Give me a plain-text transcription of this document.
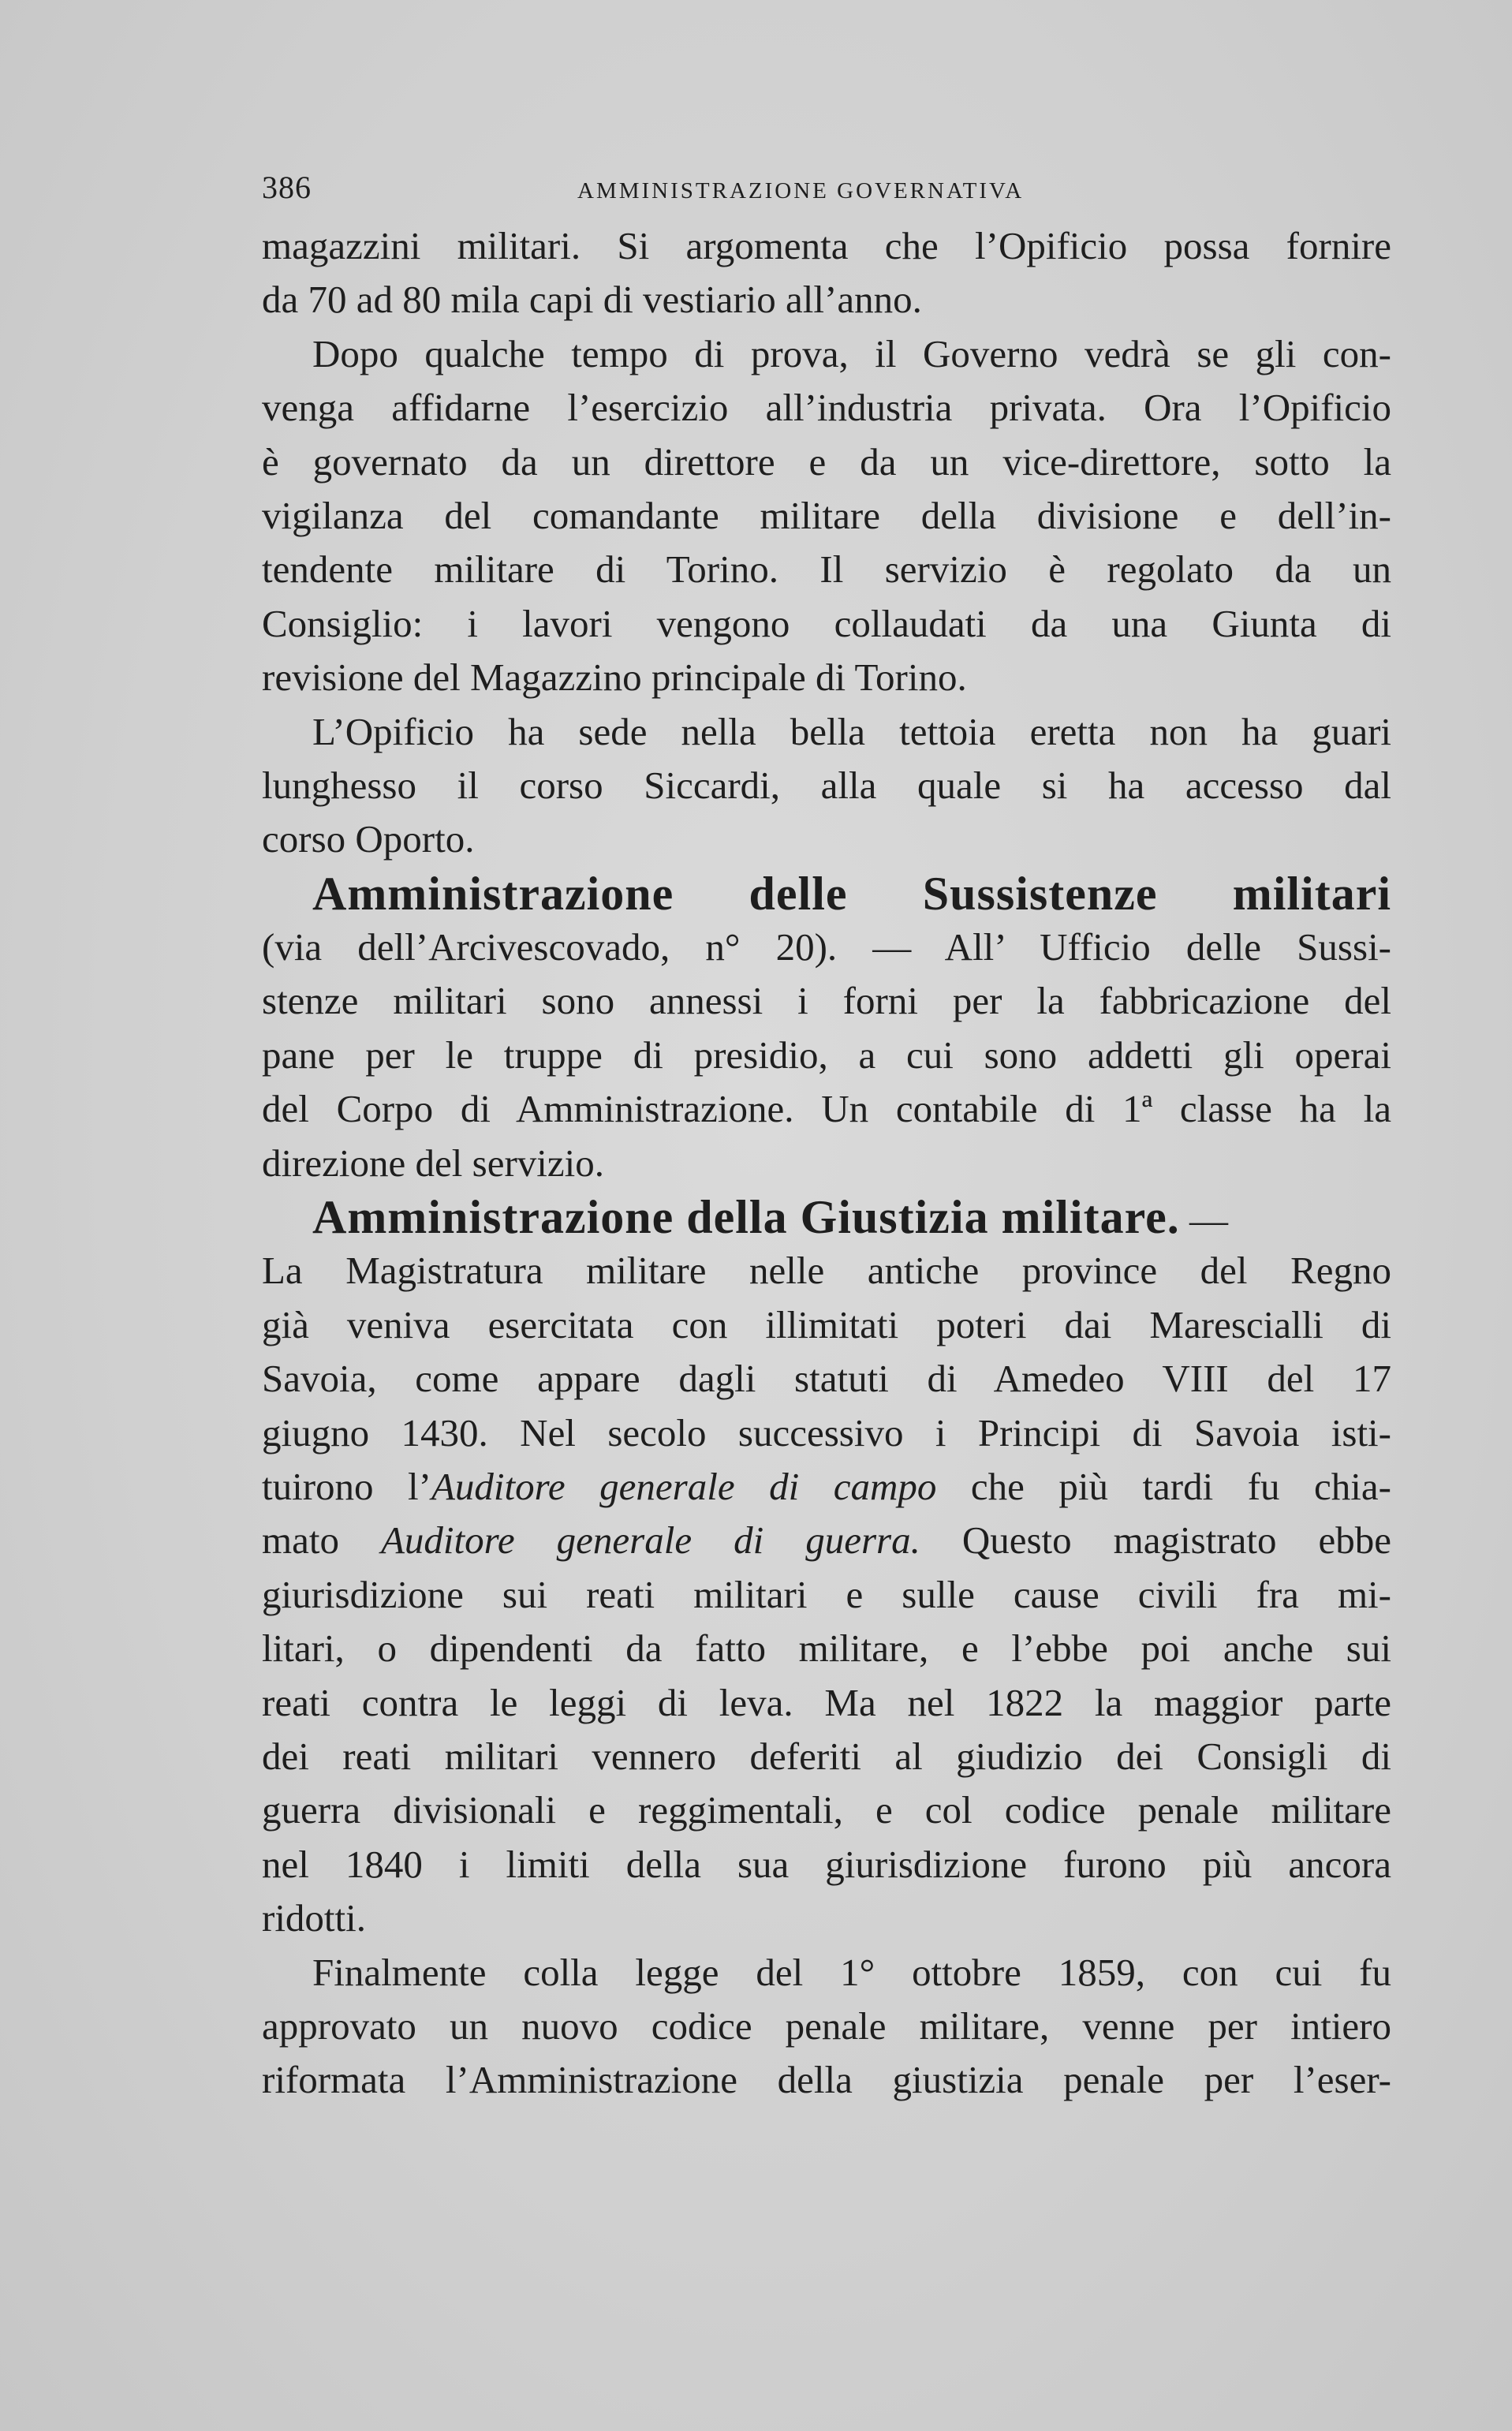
386	AMMINISTRAZIONE GOVERNATIVA
magazzini militari. Si argomenta che l’Opificio possa fornire
da 70 ad 80 mila capi di vestiario all’anno.
Dopo qualche tempo di prova, il Governo vedrà se gli con-
venga affidarne l’esercizio all’industria privata. Ora l’Opificio
è governato da un direttore e da un vice-direttore, sotto la
vigilanza del comandante militare della divisione e dell’in-
tendente militare di Torino. Il servizio è regolato da un
Consiglio: i lavori vengono collaudati da una Giunta di
revisione del Magazzino principale di Torino.
L’Opificio ha sede nella bella tettoia eretta non ha guari
lunghesso il corso Siccardi, alla quale si ha accesso dal
corso Oporto.
Amministrazione delle Sussistenze militari
(via dell’Arcivescovado, n° 20). — All’ Ufficio delle Sussi-
stenze militari sono annessi i forni per la fabbricazione del
pane per le truppe di presidio, a cui sono addetti gli operai
del Corpo di Amministrazione. Un contabile di 1ª classe ha la
direzione del servizio.
Amministrazione della Giustizia militare. —
La Magistratura militare nelle antiche province del Regno
già veniva esercitata con illimitati poteri dai Marescialli di
Savoia, come appare dagli statuti di Amedeo VIII del 17
giugno 1430. Nel secolo successivo i Principi di Savoia isti-
tuirono l’Auditore generale di campo che più tardi fu chia-
mato Auditore generale di guerra. Questo magistrato ebbe
giurisdizione sui reati militari e sulle cause civili fra mi-
litari, o dipendenti da fatto militare, e l’ebbe poi anche sui
reati contra le leggi di leva. Ma nel 1822 la maggior parte
dei reati militari vennero deferiti al giudizio dei Consigli di
guerra divisionali e reggimentali, e col codice penale militare
nel 1840 i limiti della sua giurisdizione furono più ancora
ridotti.
Finalmente colla legge del 1° ottobre 1859, con cui fu
approvato un nuovo codice penale militare, venne per intiero
riformata l’Amministrazione della giustizia penale per l’eser-
